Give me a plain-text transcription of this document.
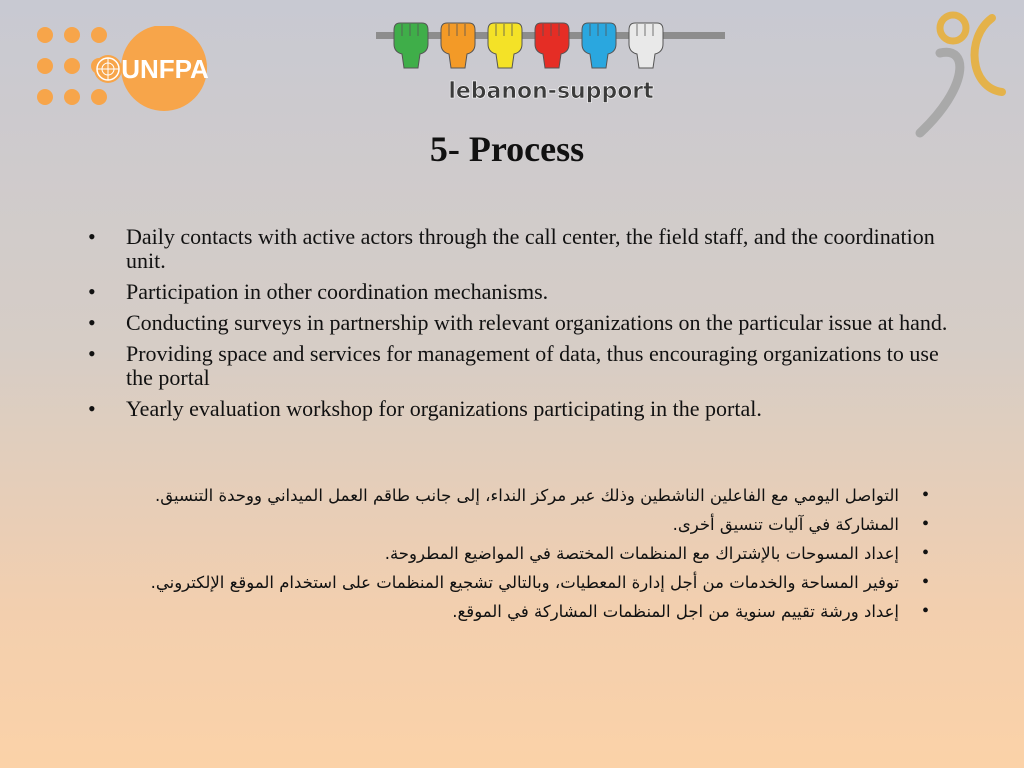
UNFPA
lebanon-support
5- Process
• Daily contacts with active actors through the call center, the field staff, and the coordination unit.
• Participation in other coordination mechanisms.
• Conducting surveys in partnership with relevant organizations on the particular issue at hand.
• Providing space and services for management of data, thus encouraging organizations to use the portal
• Yearly evaluation workshop for organizations participating in the portal.
•
التواصل اليومي مع الفاعلين الناشطين وذلك عبر مركز النداء، إلى جانب طاقم العمل الميداني ووحدة التنسيق.
•
المشاركة في آليات تنسيق أخرى.
•
إعداد المسوحات بالإشتراك مع المنظمات المختصة في المواضيع المطروحة.
•
توفير المساحة والخدمات من أجل إدارة المعطيات، وبالتالي تشجيع المنظمات على استخدام الموقع الإلكتروني.
•
إعداد ورشة تقييم سنوية من اجل المنظمات المشاركة في الموقع.
